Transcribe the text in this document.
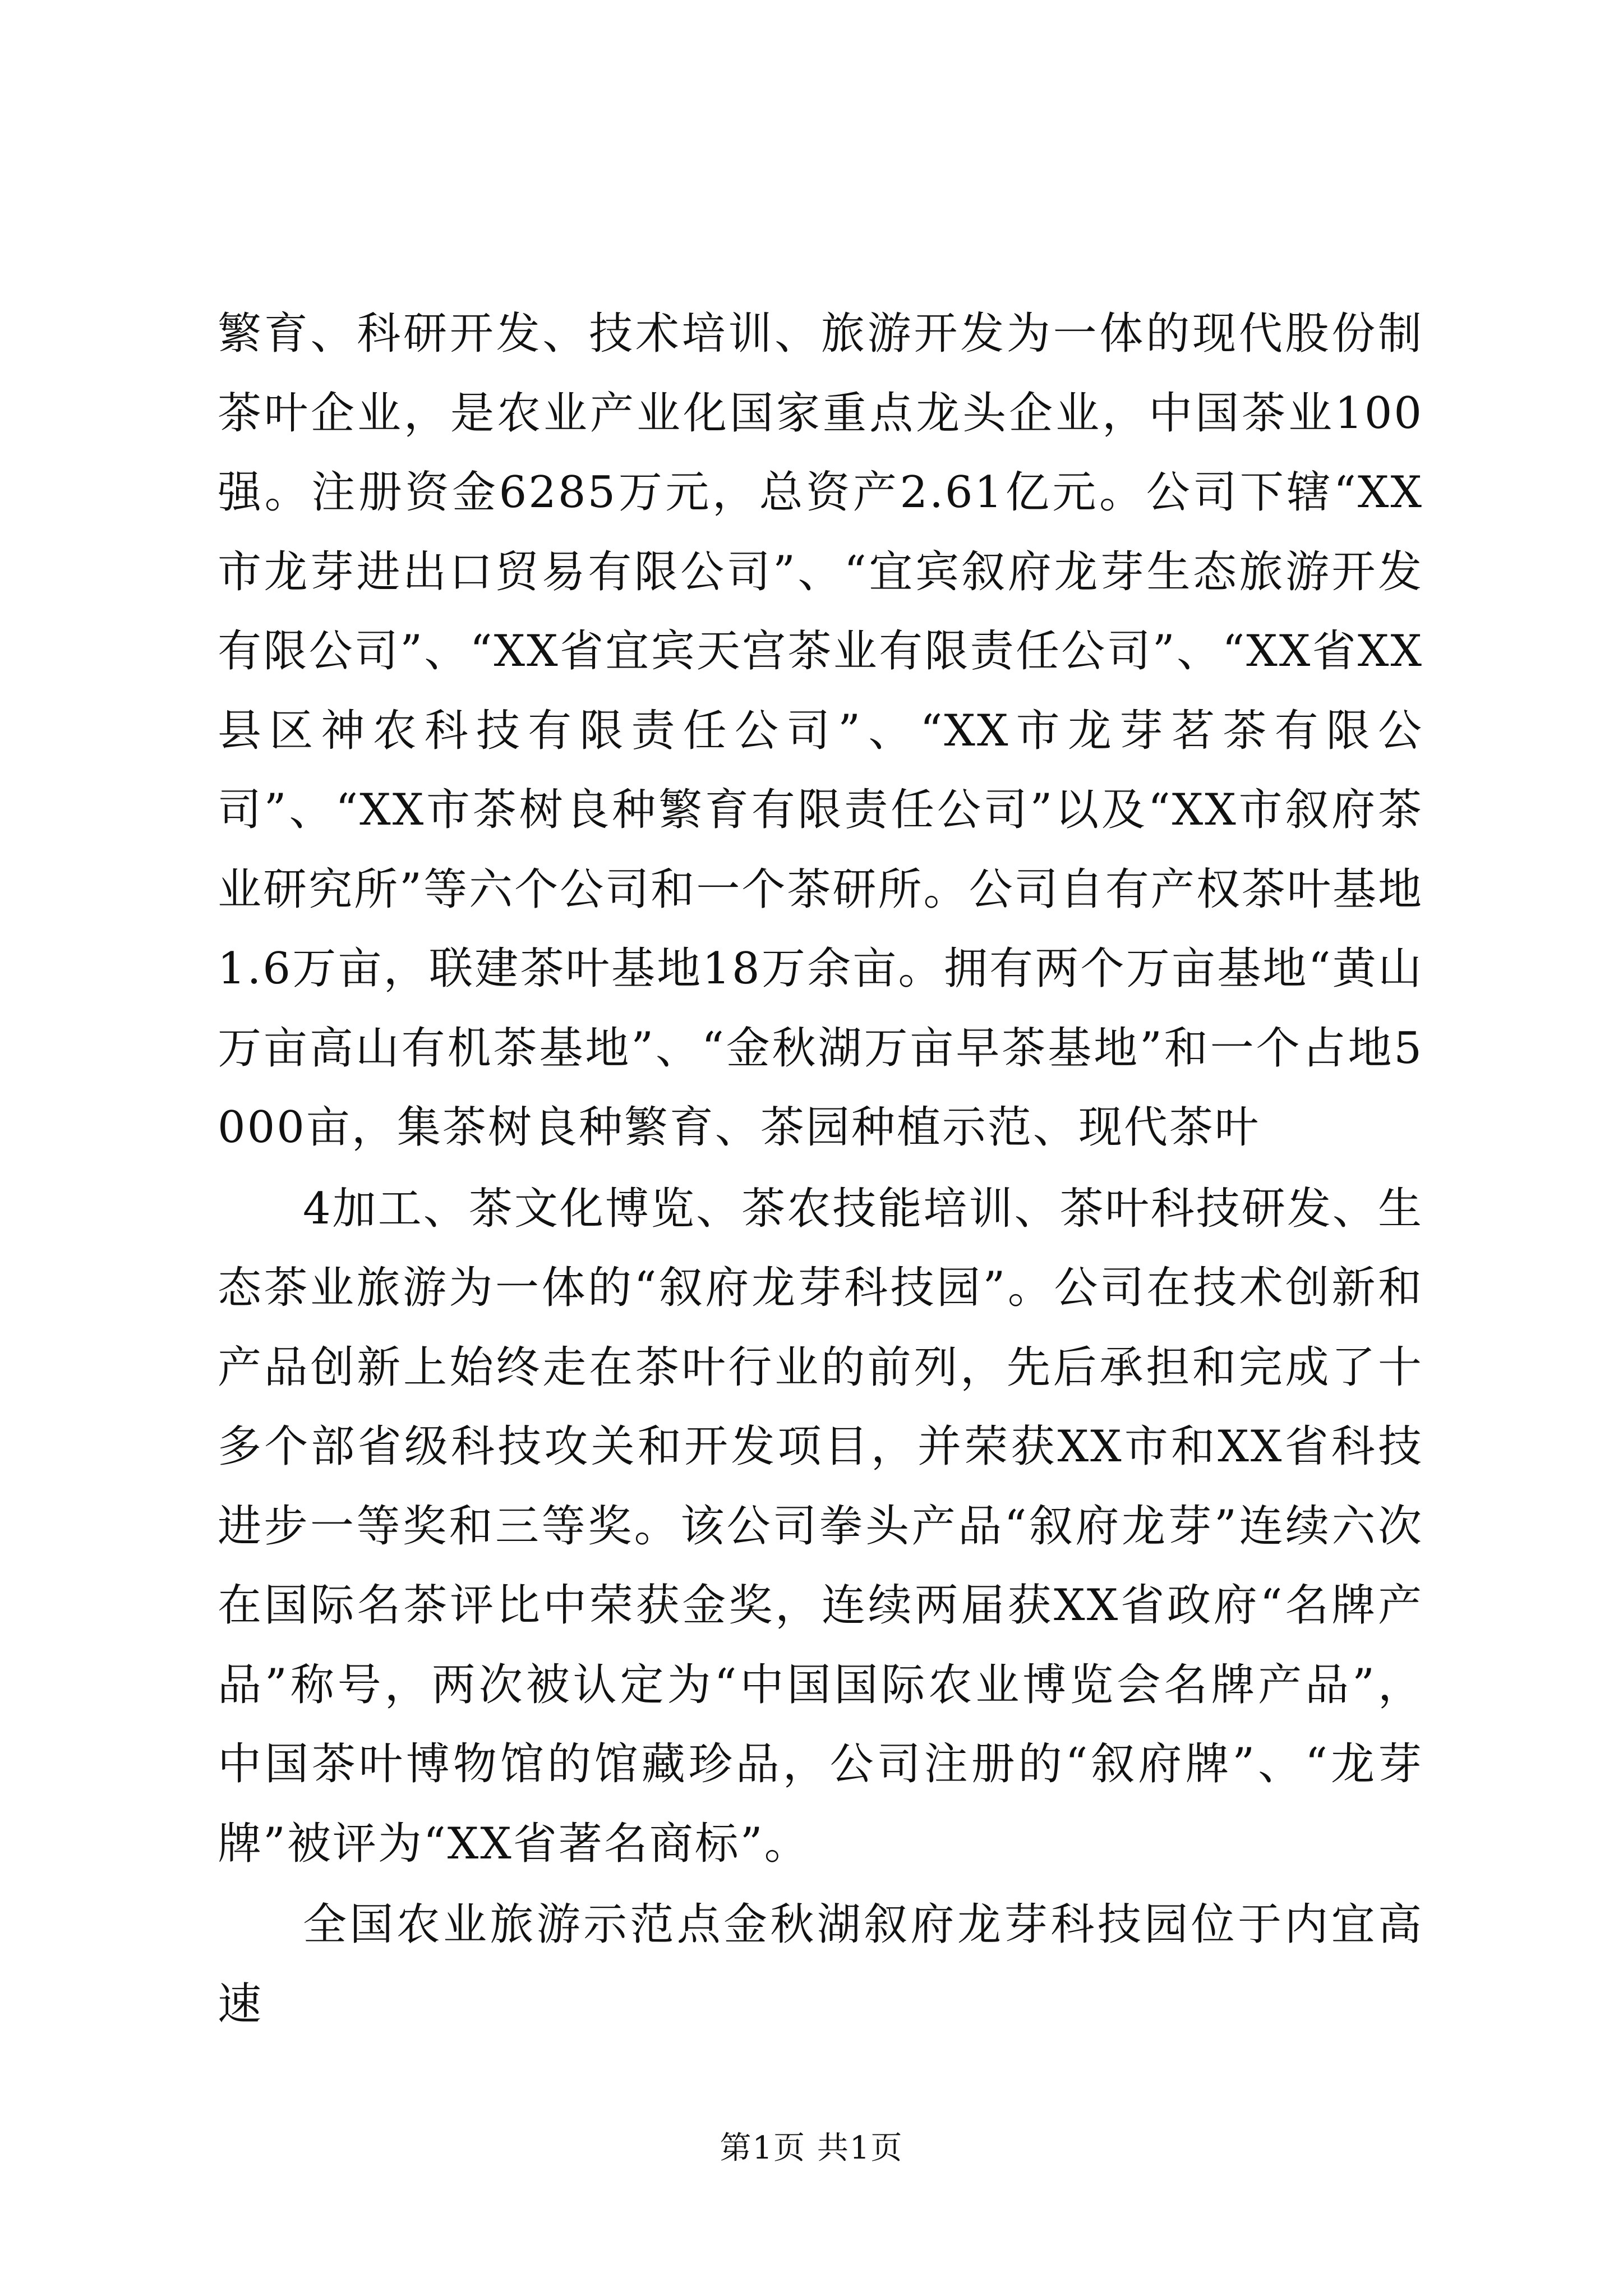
繁育、科研开发、技术培训、旅游开发为一体的现代股份制茶叶企业，是农业产业化国家重点龙头企业，中国茶业100强。注册资金6285万元，总资产2.61亿元。公司下辖“XX市龙芽进出口贸易有限公司”、“宜宾叙府龙芽生态旅游开发有限公司”、“XX省宜宾天宫茶业有限责任公司”、“XX省XX县区神农科技有限责任公司”、“XX市龙芽茗茶有限公司”、“XX市茶树良种繁育有限责任公司”以及“XX市叙府茶业研究所”等六个公司和一个茶研所。公司自有产权茶叶基地1.6万亩，联建茶叶基地18万余亩。拥有两个万亩基地“黄山万亩高山有机茶基地”、“金秋湖万亩早茶基地”和一个占地5000亩，集茶树良种繁育、茶园种植示范、现代茶叶

4加工、茶文化博览、茶农技能培训、茶叶科技研发、生态茶业旅游为一体的“叙府龙芽科技园”。公司在技术创新和产品创新上始终走在茶叶行业的前列，先后承担和完成了十多个部省级科技攻关和开发项目，并荣获XX市和XX省科技进步一等奖和三等奖。该公司拳头产品“叙府龙芽”连续六次在国际名茶评比中荣获金奖，连续两届获XX省政府“名牌产品”称号，两次被认定为“中国国际农业博览会名牌产品”，中国茶叶博物馆的馆藏珍品，公司注册的“叙府牌”、“龙芽牌”被评为“XX省著名商标”。

全国农业旅游示范点金秋湖叙府龙芽科技园位于内宜高速

第1页 共1页
